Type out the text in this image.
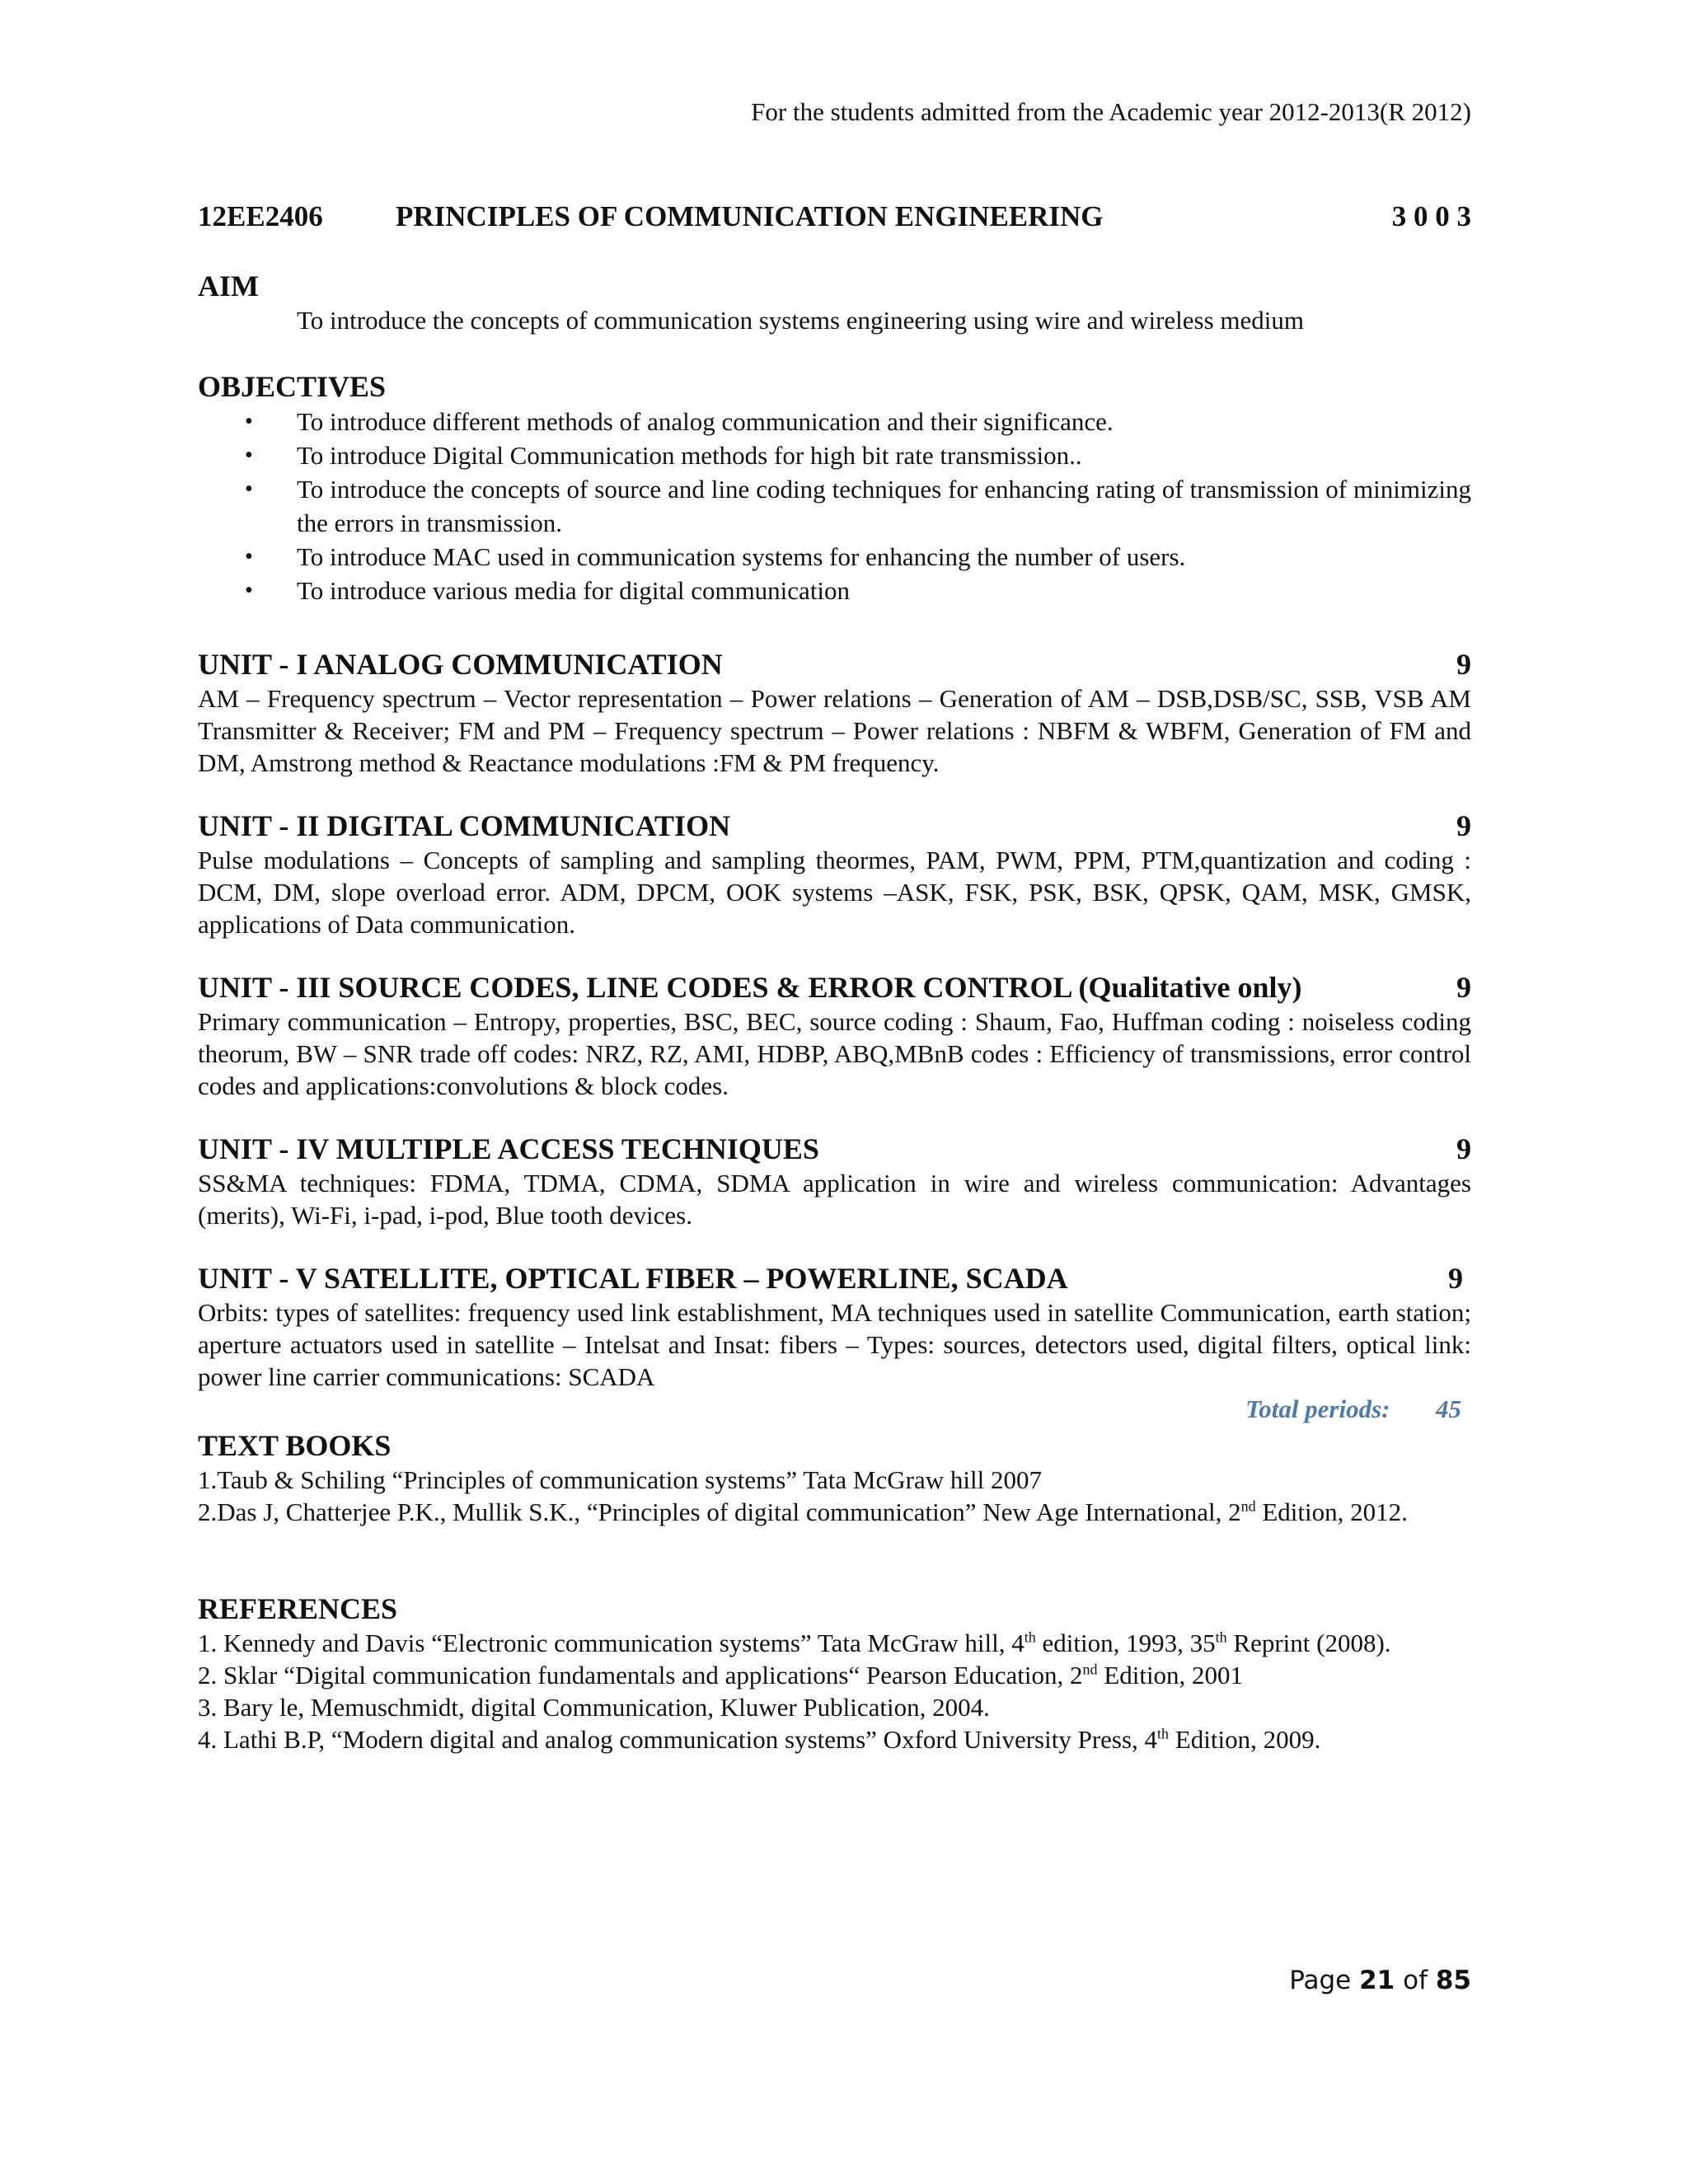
For the students admitted from the Academic year 2012-2013(R 2012)
12EE2406	PRINCIPLES OF COMMUNICATION ENGINEERING	3 0 0 3

AIM

To introduce the concepts of communication systems engineering using wire and wireless medium

OBJECTIVES

• To introduce different methods of analog communication and their significance.
• To introduce Digital Communication methods for high bit rate transmission..
• To introduce the concepts of source and line coding techniques for enhancing rating of transmission of minimizing the errors in transmission.
• To introduce MAC used in communication systems for enhancing the number of users.
• To introduce various media for digital communication

UNIT - I ANALOG COMMUNICATION	9

AM – Frequency spectrum – Vector representation – Power relations – Generation of AM – DSB,DSB/SC, SSB, VSB AM Transmitter & Receiver; FM and PM – Frequency spectrum – Power relations : NBFM & WBFM, Generation of FM and DM, Amstrong method & Reactance modulations :FM & PM frequency.

UNIT - II DIGITAL COMMUNICATION	9

Pulse modulations – Concepts of sampling and sampling theormes, PAM, PWM, PPM, PTM,quantization and coding : DCM, DM, slope overload error. ADM, DPCM, OOK systems –ASK, FSK, PSK, BSK, QPSK, QAM, MSK, GMSK, applications of Data communication.

UNIT - III SOURCE CODES, LINE CODES & ERROR CONTROL (Qualitative only)	9

Primary communication – Entropy, properties, BSC, BEC, source coding : Shaum, Fao, Huffman coding : noiseless coding theorum, BW – SNR trade off codes: NRZ, RZ, AMI, HDBP, ABQ,MBnB codes : Efficiency of transmissions, error control codes and applications:convolutions & block codes.

UNIT - IV MULTIPLE ACCESS TECHNIQUES	9

SS&MA techniques: FDMA, TDMA, CDMA, SDMA application in wire and wireless communication: Advantages (merits), Wi-Fi, i-pad, i-pod, Blue tooth devices.

UNIT - V SATELLITE, OPTICAL FIBER – POWERLINE, SCADA	9

Orbits: types of satellites: frequency used link establishment, MA techniques used in satellite Communication, earth station; aperture actuators used in satellite – Intelsat and Insat: fibers – Types: sources, detectors used, digital filters, optical link: power line carrier communications: SCADA

Total periods: 45

TEXT BOOKS

1.Taub & Schiling “Principles of communication systems” Tata McGraw hill 2007

2.Das J, Chatterjee P.K., Mullik S.K., “Principles of digital communication” New Age International, 2nd Edition, 2012.

REFERENCES

1. Kennedy and Davis “Electronic communication systems” Tata McGraw hill, 4th edition, 1993, 35th Reprint (2008).

2. Sklar “Digital communication fundamentals and applications“ Pearson Education, 2nd Edition, 2001

3. Bary le, Memuschmidt, digital Communication, Kluwer Publication, 2004.

4. Lathi B.P, “Modern digital and analog communication systems” Oxford University Press, 4th Edition, 2009.

Page 21 of 85
